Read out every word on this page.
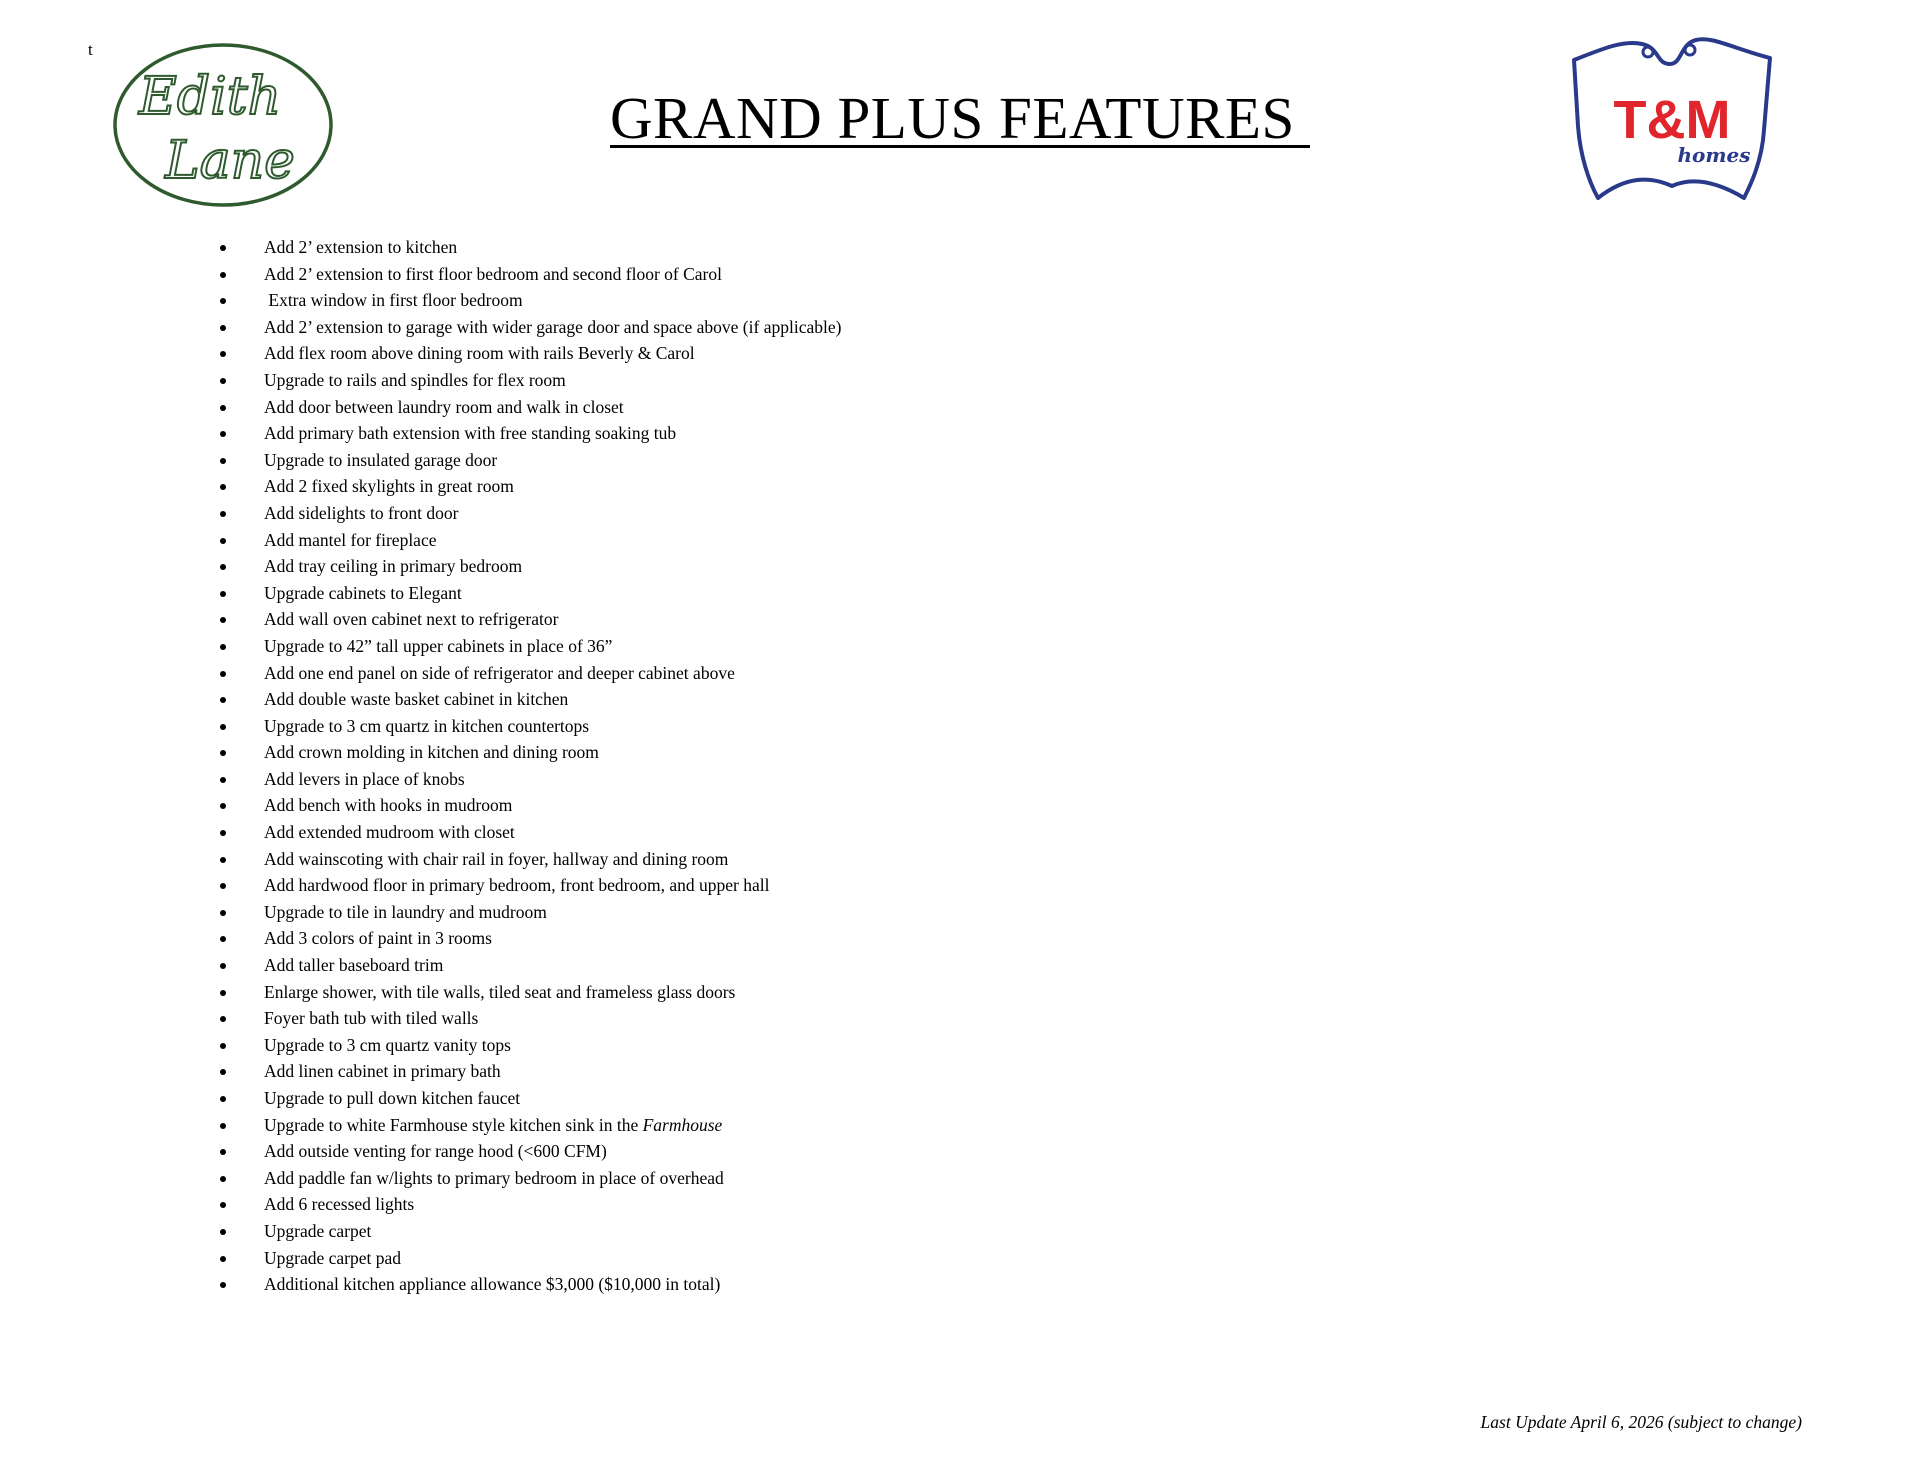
t
Edith
Lane
GRAND PLUS FEATURES	T&M
homes
Add 2’ extension to kitchen
Add 2’ extension to first floor bedroom and second floor of Carol
Extra window in first floor bedroom
Add 2’ extension to garage with wider garage door and space above (if applicable)
Add flex room above dining room with rails Beverly & Carol
Upgrade to rails and spindles for flex room
Add door between laundry room and walk in closet
Add primary bath extension with free standing soaking tub
Upgrade to insulated garage door
Add 2 fixed skylights in great room
Add sidelights to front door
Add mantel for fireplace
Add tray ceiling in primary bedroom
Upgrade cabinets to Elegant
Add wall oven cabinet next to refrigerator
Upgrade to 42” tall upper cabinets in place of 36”
Add one end panel on side of refrigerator and deeper cabinet above
Add double waste basket cabinet in kitchen
Upgrade to 3 cm quartz in kitchen countertops
Add crown molding in kitchen and dining room
Add levers in place of knobs
Add bench with hooks in mudroom
Add extended mudroom with closet
Add wainscoting with chair rail in foyer, hallway and dining room
Add hardwood floor in primary bedroom, front bedroom, and upper hall
Upgrade to tile in laundry and mudroom
Add 3 colors of paint in 3 rooms
Add taller baseboard trim
Enlarge shower, with tile walls, tiled seat and frameless glass doors
Foyer bath tub with tiled walls
Upgrade to 3 cm quartz vanity tops
Add linen cabinet in primary bath
Upgrade to pull down kitchen faucet
Upgrade to white Farmhouse style kitchen sink in the Farmhouse
Add outside venting for range hood (<600 CFM)
Add paddle fan w/lights to primary bedroom in place of overhead
Add 6 recessed lights
Upgrade carpet
Upgrade carpet pad
Additional kitchen appliance allowance $3,000 ($10,000 in total)
Last Update April 6, 2026 (subject to change)
